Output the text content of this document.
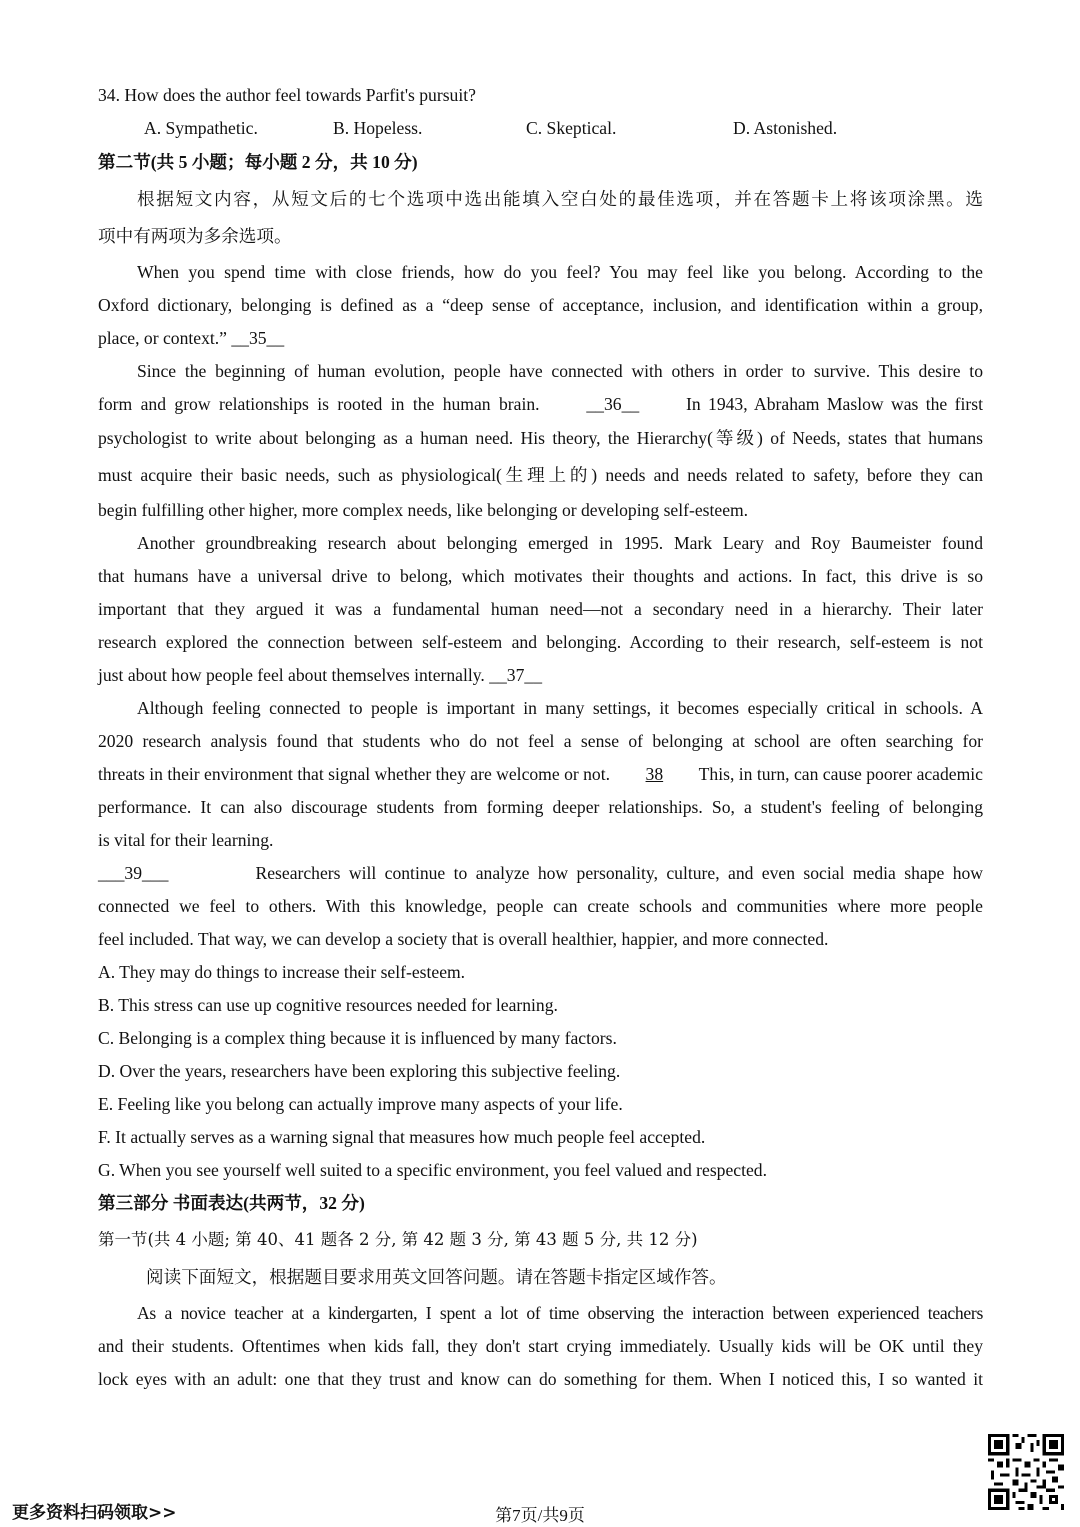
34. How does the author feel towards Parfit's pursuit?
A. Sympathetic.	B. Hopeless.	C. Skeptical.	D. Astonished.
第二节(共 5 小题；每小题 2 分，共 10 分)
根据短文内容，从短文后的七个选项中选出能填入空白处的最佳选项，并在答题卡上将该项涂黑。选
项中有两项为多余选项。
When you spend time with close friends, how do you feel? You may feel like you belong. According to the
Oxford dictionary, belonging is defined as a “deep sense of acceptance, inclusion, and identification within a group,
place, or context.” __35__
Since the beginning of human evolution, people have connected with others in order to survive. This desire to
form and grow relationships is rooted in the human brain.	__36__	In 1943, Abraham Maslow was the first
psychologist to write about belonging as a human need. His theory, the Hierarchy(等级) of Needs, states that humans
must acquire their basic needs, such as physiological(生理上的) needs and needs related to safety, before they can
begin fulfilling other higher, more complex needs, like belonging or developing self-esteem.
Another groundbreaking research about belonging emerged in 1995. Mark Leary and Roy Baumeister found
that humans have a universal drive to belong, which motivates their thoughts and actions. In fact, this drive is so
important that they argued it was a fundamental human need—not a secondary need in a hierarchy. Their later
research explored the connection between self-esteem and belonging. According to their research, self-esteem is not
just about how people feel about themselves internally. __37__
Although feeling connected to people is important in many settings, it becomes especially critical in schools. A
2020 research analysis found that students who do not feel a sense of belonging at school are often searching for
threats in their environment that signal whether they are welcome or not.	38	This, in turn, can cause poorer academic
performance. It can also discourage students from forming deeper relationships. So, a student's feeling of belonging
is vital for their learning.
___39___	Researchers will continue to analyze how personality, culture, and even social media shape how
connected we feel to others. With this knowledge, people can create schools and communities where more people
feel included. That way, we can develop a society that is overall healthier, happier, and more connected.
A. They may do things to increase their self-esteem.
B. This stress can use up cognitive resources needed for learning.
C. Belonging is a complex thing because it is influenced by many factors.
D. Over the years, researchers have been exploring this subjective feeling.
E. Feeling like you belong can actually improve many aspects of your life.
F. It actually serves as a warning signal that measures how much people feel accepted.
G. When you see yourself well suited to a specific environment, you feel valued and respected.
第三部分 书面表达(共两节，32 分)
第一节(共 4 小题; 第 40、41 题各 2 分, 第 42 题 3 分, 第 43 题 5 分, 共 12 分)
阅读下面短文，根据题目要求用英文回答问题。请在答题卡指定区域作答。
As a novice teacher at a kindergarten, I spent a lot of time observing the interaction between experienced teachers
and their students. Oftentimes when kids fall, they don't start crying immediately. Usually kids will be OK until they
lock eyes with an adult: one that they trust and know can do something for them. When I noticed this, I so wanted it
更多资料扫码领取>>	第7页/共9页
